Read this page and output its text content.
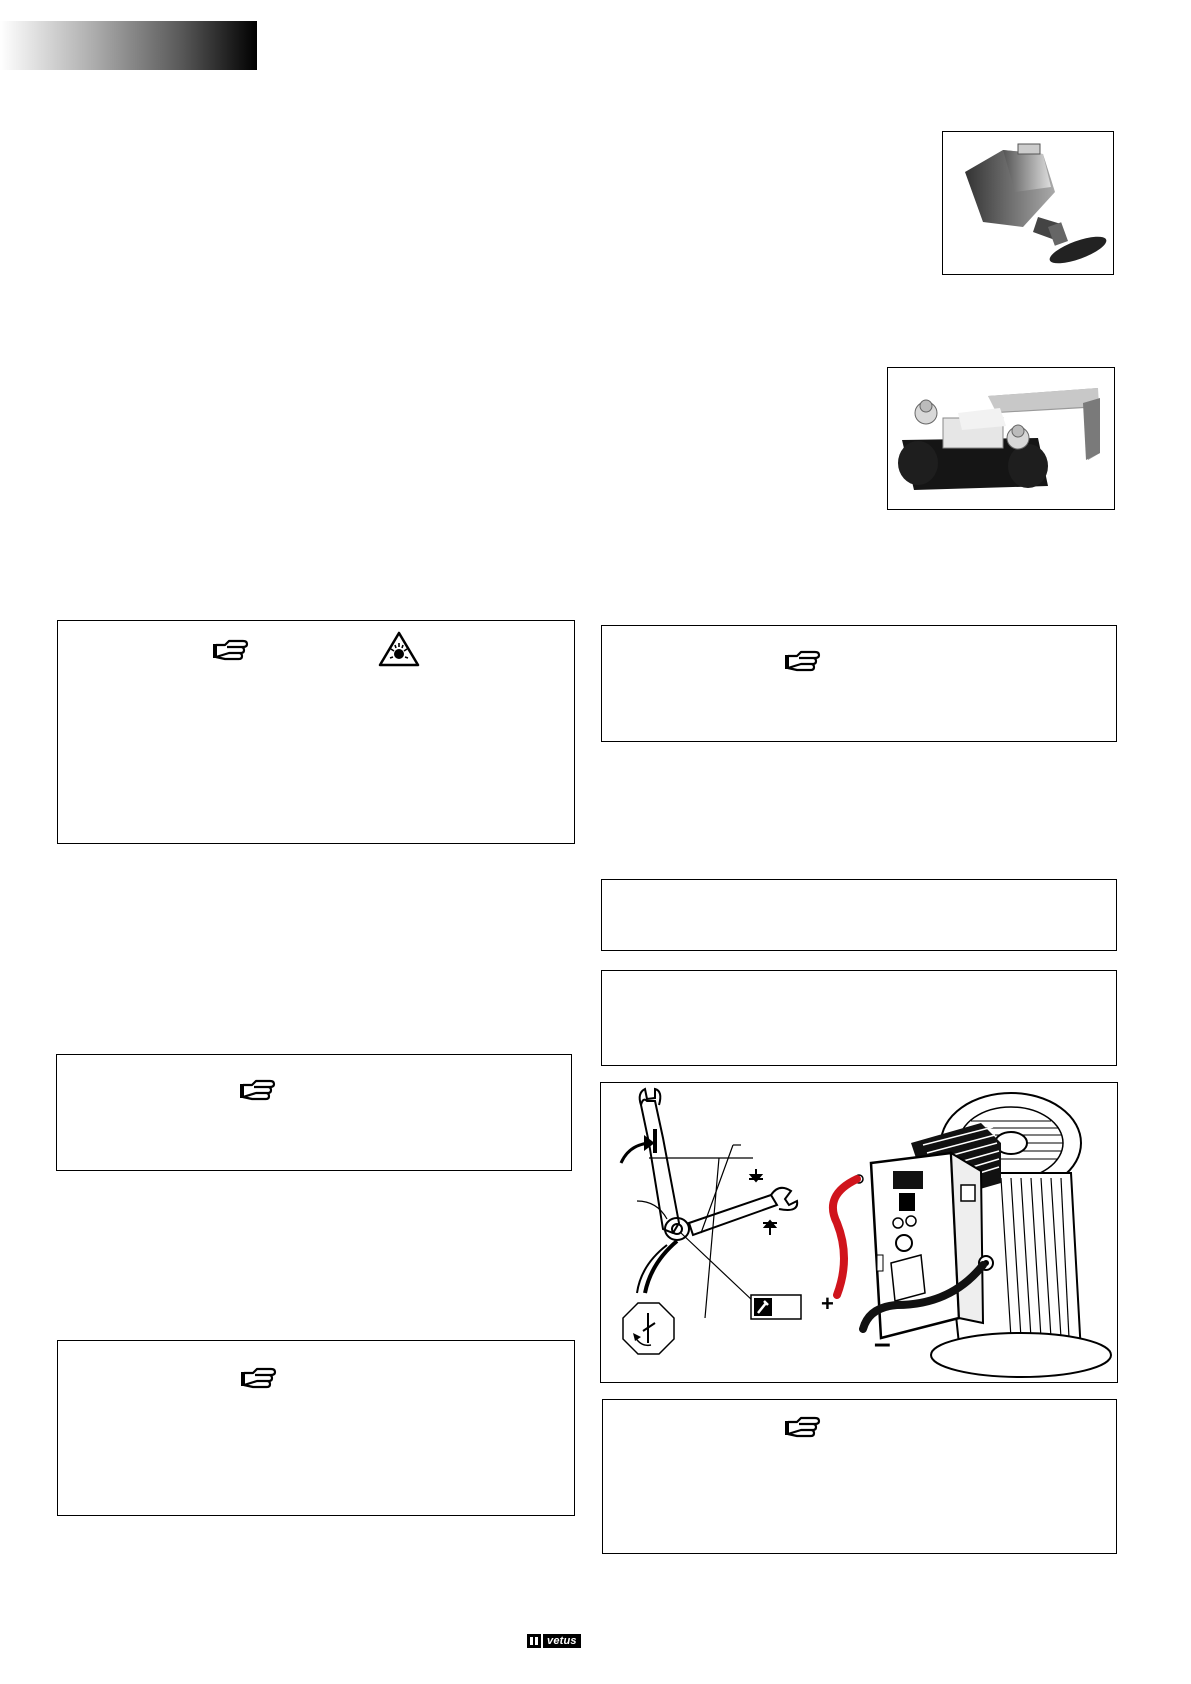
+
–
vetus
